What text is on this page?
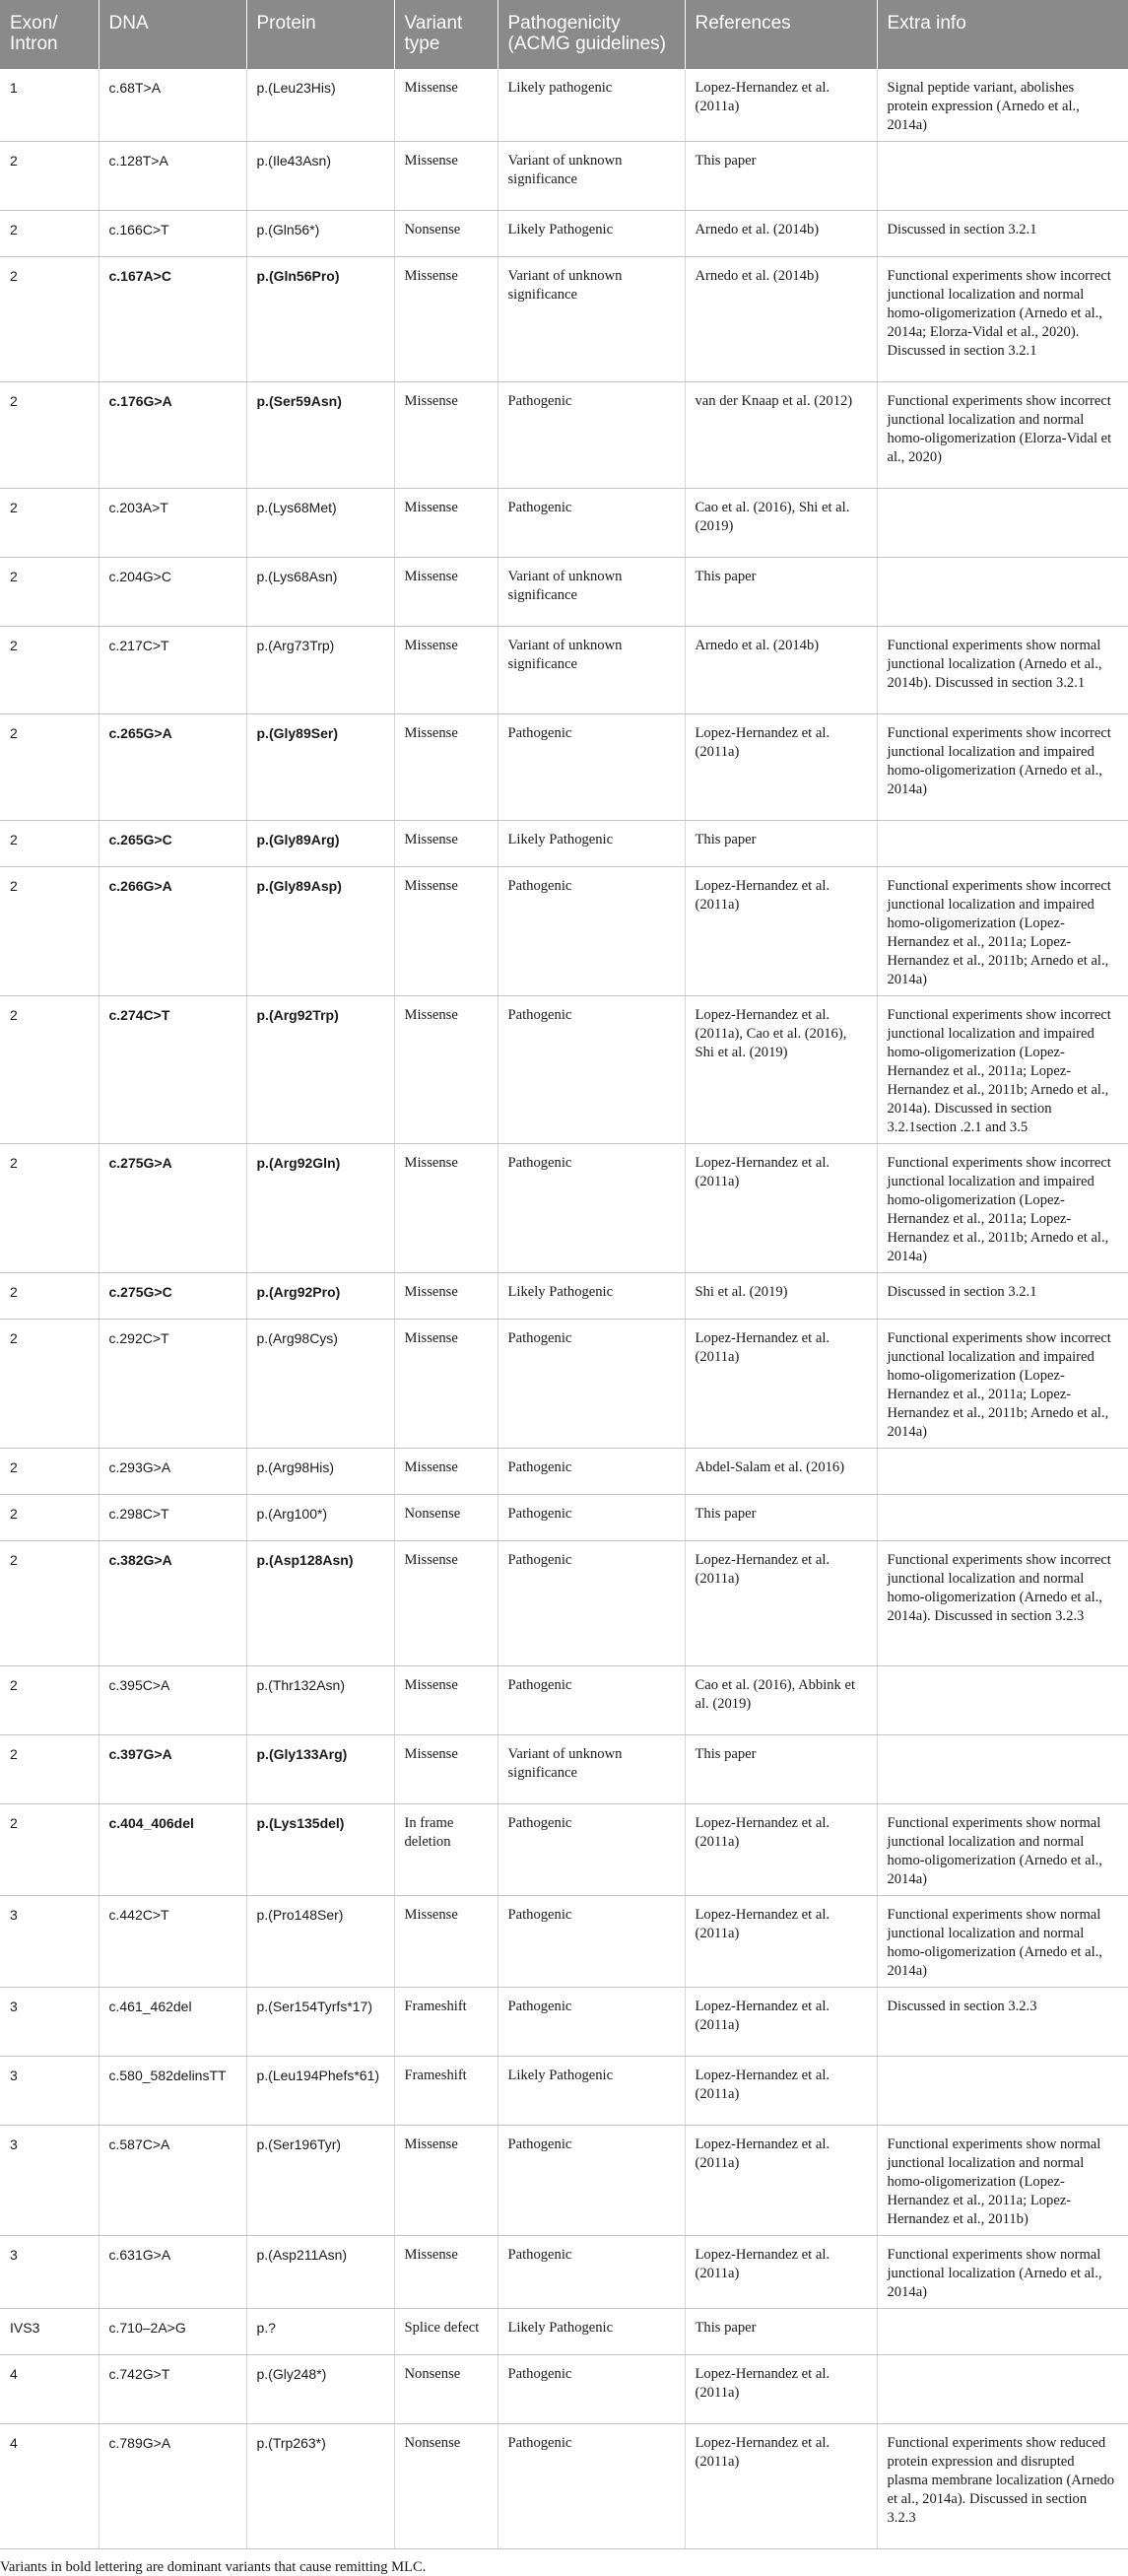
Exon/
Intron	DNA	Protein	Variant type	Pathogenicity (ACMG guidelines)	References	Extra info
1	c.68T>A	p.(Leu23His)	Missense	Likely pathogenic	Lopez-Hernandez et al. (2011a)	Signal peptide variant, abolishes protein expression (Arnedo et al., 2014a)
2	c.128T>A	p.(Ile43Asn)	Missense	Variant of unknown significance	This paper	
2	c.166C>T	p.(Gln56*)	Nonsense	Likely Pathogenic	Arnedo et al. (2014b)	Discussed in section 3.2.1
2	c.167A>C	p.(Gln56Pro)	Missense	Variant of unknown significance	Arnedo et al. (2014b)	Functional experiments show incorrect junctional localization and normal homo-oligomerization (Arnedo et al., 2014a; Elorza-Vidal et al., 2020). Discussed in section 3.2.1
2	c.176G>A	p.(Ser59Asn)	Missense	Pathogenic	van der Knaap et al. (2012)	Functional experiments show incorrect junctional localization and normal homo-oligomerization (Elorza-Vidal et al., 2020)
2	c.203A>T	p.(Lys68Met)	Missense	Pathogenic	Cao et al. (2016), Shi et al. (2019)	
2	c.204G>C	p.(Lys68Asn)	Missense	Variant of unknown significance	This paper	
2	c.217C>T	p.(Arg73Trp)	Missense	Variant of unknown significance	Arnedo et al. (2014b)	Functional experiments show normal junctional localization (Arnedo et al., 2014b). Discussed in section 3.2.1
2	c.265G>A	p.(Gly89Ser)	Missense	Pathogenic	Lopez-Hernandez et al. (2011a)	Functional experiments show incorrect junctional localization and impaired homo-oligomerization (Arnedo et al., 2014a)
2	c.265G>C	p.(Gly89Arg)	Missense	Likely Pathogenic	This paper	
2	c.266G>A	p.(Gly89Asp)	Missense	Pathogenic	Lopez-Hernandez et al. (2011a)	Functional experiments show incorrect junctional localization and impaired homo-oligomerization (Lopez-Hernandez et al., 2011a; Lopez-Hernandez et al., 2011b; Arnedo et al., 2014a)
2	c.274C>T	p.(Arg92Trp)	Missense	Pathogenic	Lopez-Hernandez et al. (2011a), Cao et al. (2016), Shi et al. (2019)	Functional experiments show incorrect junctional localization and impaired homo-oligomerization (Lopez-Hernandez et al., 2011a; Lopez-Hernandez et al., 2011b; Arnedo et al., 2014a). Discussed in section 3.2.1section .2.1 and 3.5
2	c.275G>A	p.(Arg92Gln)	Missense	Pathogenic	Lopez-Hernandez et al. (2011a)	Functional experiments show incorrect junctional localization and impaired homo-oligomerization (Lopez-Hernandez et al., 2011a; Lopez-Hernandez et al., 2011b; Arnedo et al., 2014a)
2	c.275G>C	p.(Arg92Pro)	Missense	Likely Pathogenic	Shi et al. (2019)	Discussed in section 3.2.1
2	c.292C>T	p.(Arg98Cys)	Missense	Pathogenic	Lopez-Hernandez et al. (2011a)	Functional experiments show incorrect junctional localization and impaired homo-oligomerization (Lopez-Hernandez et al., 2011a; Lopez-Hernandez et al., 2011b; Arnedo et al., 2014a)
2	c.293G>A	p.(Arg98His)	Missense	Pathogenic	Abdel-Salam et al. (2016)	
2	c.298C>T	p.(Arg100*)	Nonsense	Pathogenic	This paper	
2	c.382G>A	p.(Asp128Asn)	Missense	Pathogenic	Lopez-Hernandez et al. (2011a)	Functional experiments show incorrect junctional localization and normal homo-oligomerization (Arnedo et al., 2014a). Discussed in section 3.2.3
2	c.395C>A	p.(Thr132Asn)	Missense	Pathogenic	Cao et al. (2016), Abbink et al. (2019)	
2	c.397G>A	p.(Gly133Arg)	Missense	Variant of unknown significance	This paper	
2	c.404_406del	p.(Lys135del)	In frame deletion	Pathogenic	Lopez-Hernandez et al. (2011a)	Functional experiments show normal junctional localization and normal homo-oligomerization (Arnedo et al., 2014a)
3	c.442C>T	p.(Pro148Ser)	Missense	Pathogenic	Lopez-Hernandez et al. (2011a)	Functional experiments show normal junctional localization and normal homo-oligomerization (Arnedo et al., 2014a)
3	c.461_462del	p.(Ser154Tyrfs*17)	Frameshift	Pathogenic	Lopez-Hernandez et al. (2011a)	Discussed in section 3.2.3
3	c.580_582delinsTT	p.(Leu194Phefs*61)	Frameshift	Likely Pathogenic	Lopez-Hernandez et al. (2011a)	
3	c.587C>A	p.(Ser196Tyr)	Missense	Pathogenic	Lopez-Hernandez et al. (2011a)	Functional experiments show normal junctional localization and normal homo-oligomerization (Lopez-Hernandez et al., 2011a; Lopez-Hernandez et al., 2011b)
3	c.631G>A	p.(Asp211Asn)	Missense	Pathogenic	Lopez-Hernandez et al. (2011a)	Functional experiments show normal junctional localization (Arnedo et al., 2014a)
IVS3	c.710–2A>G	p.?	Splice defect	Likely Pathogenic	This paper	
4	c.742G>T	p.(Gly248*)	Nonsense	Pathogenic	Lopez-Hernandez et al. (2011a)	
4	c.789G>A	p.(Trp263*)	Nonsense	Pathogenic	Lopez-Hernandez et al. (2011a)	Functional experiments show reduced protein expression and disrupted plasma membrane localization (Arnedo et al., 2014a). Discussed in section 3.2.3

Variants in bold lettering are dominant variants that cause remitting MLC.
